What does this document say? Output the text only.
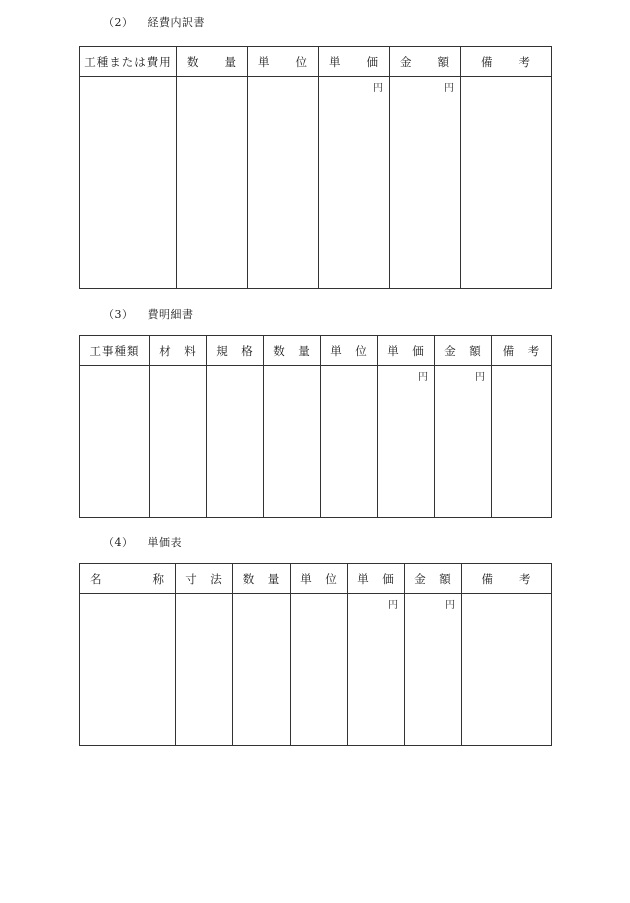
（2） 経費内訳書
工種または費用	数　　量	単　　位	単　　価	金　　額	備　　考
			円	円	
（3） 費明細書
工事種類	材　料	規　格	数　量	単　位	単　価	金　額	備　考
					円	円	
（4） 単価表
名　　　　称	寸　法	数　量	単　位	単　価	金　額	備　　考
				円	円	
